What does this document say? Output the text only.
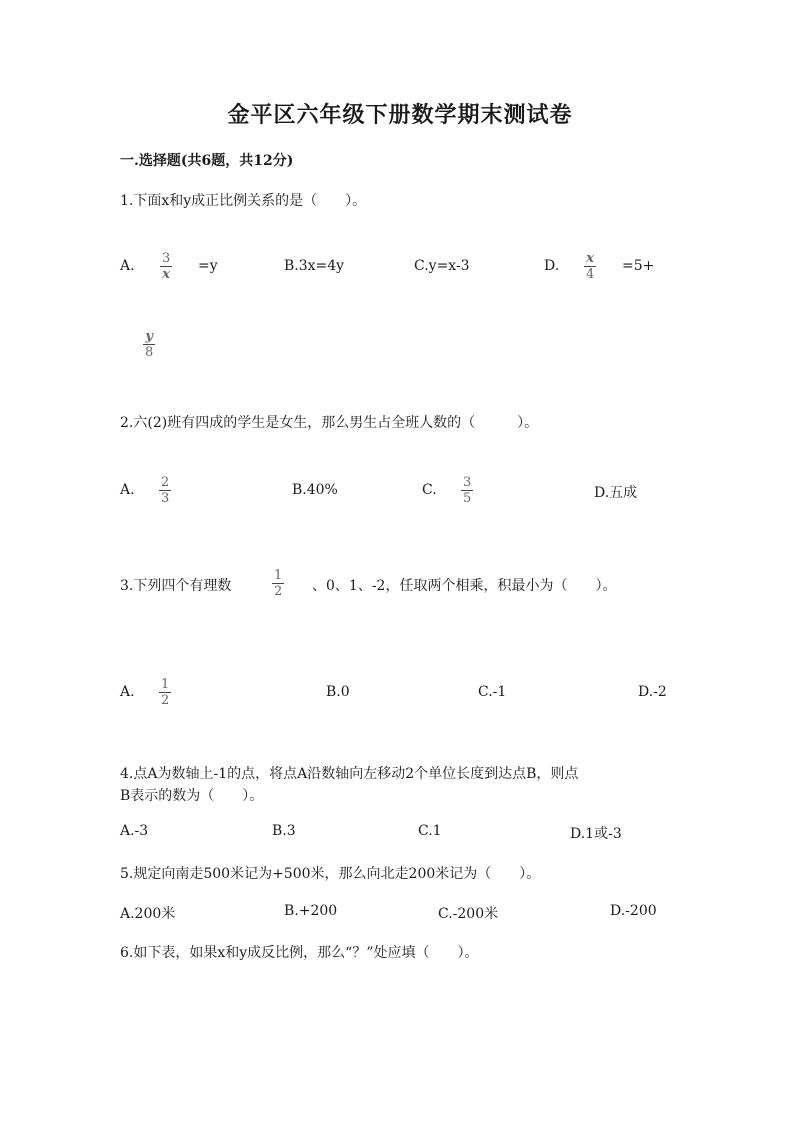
金平区六年级下册数学期末测试卷
一.选择题(共6题，共12分)
1.下面x和y成正比例关系的是（　　）。
A. $\frac{3}{x} =y$	B.3x=4y	C.y=x-3	D. $\frac{x}{4} =5+$
$\frac{y}{8}$
2.六(2)班有四成的学生是女生，那么男生占全班人数的（　　　）。
A. $\frac{2}{3}$	B.40%	C. $\frac{3}{5}$	D.五成
3.下列四个有理数	$\frac{1}{2}$ 、0、1、-2，任取两个相乘，积最小为（　　）。
A. $\frac{1}{2}$	B.0	C.-1	D.-2
4.点A为数轴上-1的点，将点A沿数轴向左移动2个单位长度到达点B，则点
B表示的数为（　　）。
A.-3	B.3	C.1	D.1或-3
5.规定向南走500米记为+500米，那么向北走200米记为（　　）。
A.200米	B.+200	C.-200米	D.-200
6.如下表，如果x和y成反比例，那么“？”处应填（　　）。
